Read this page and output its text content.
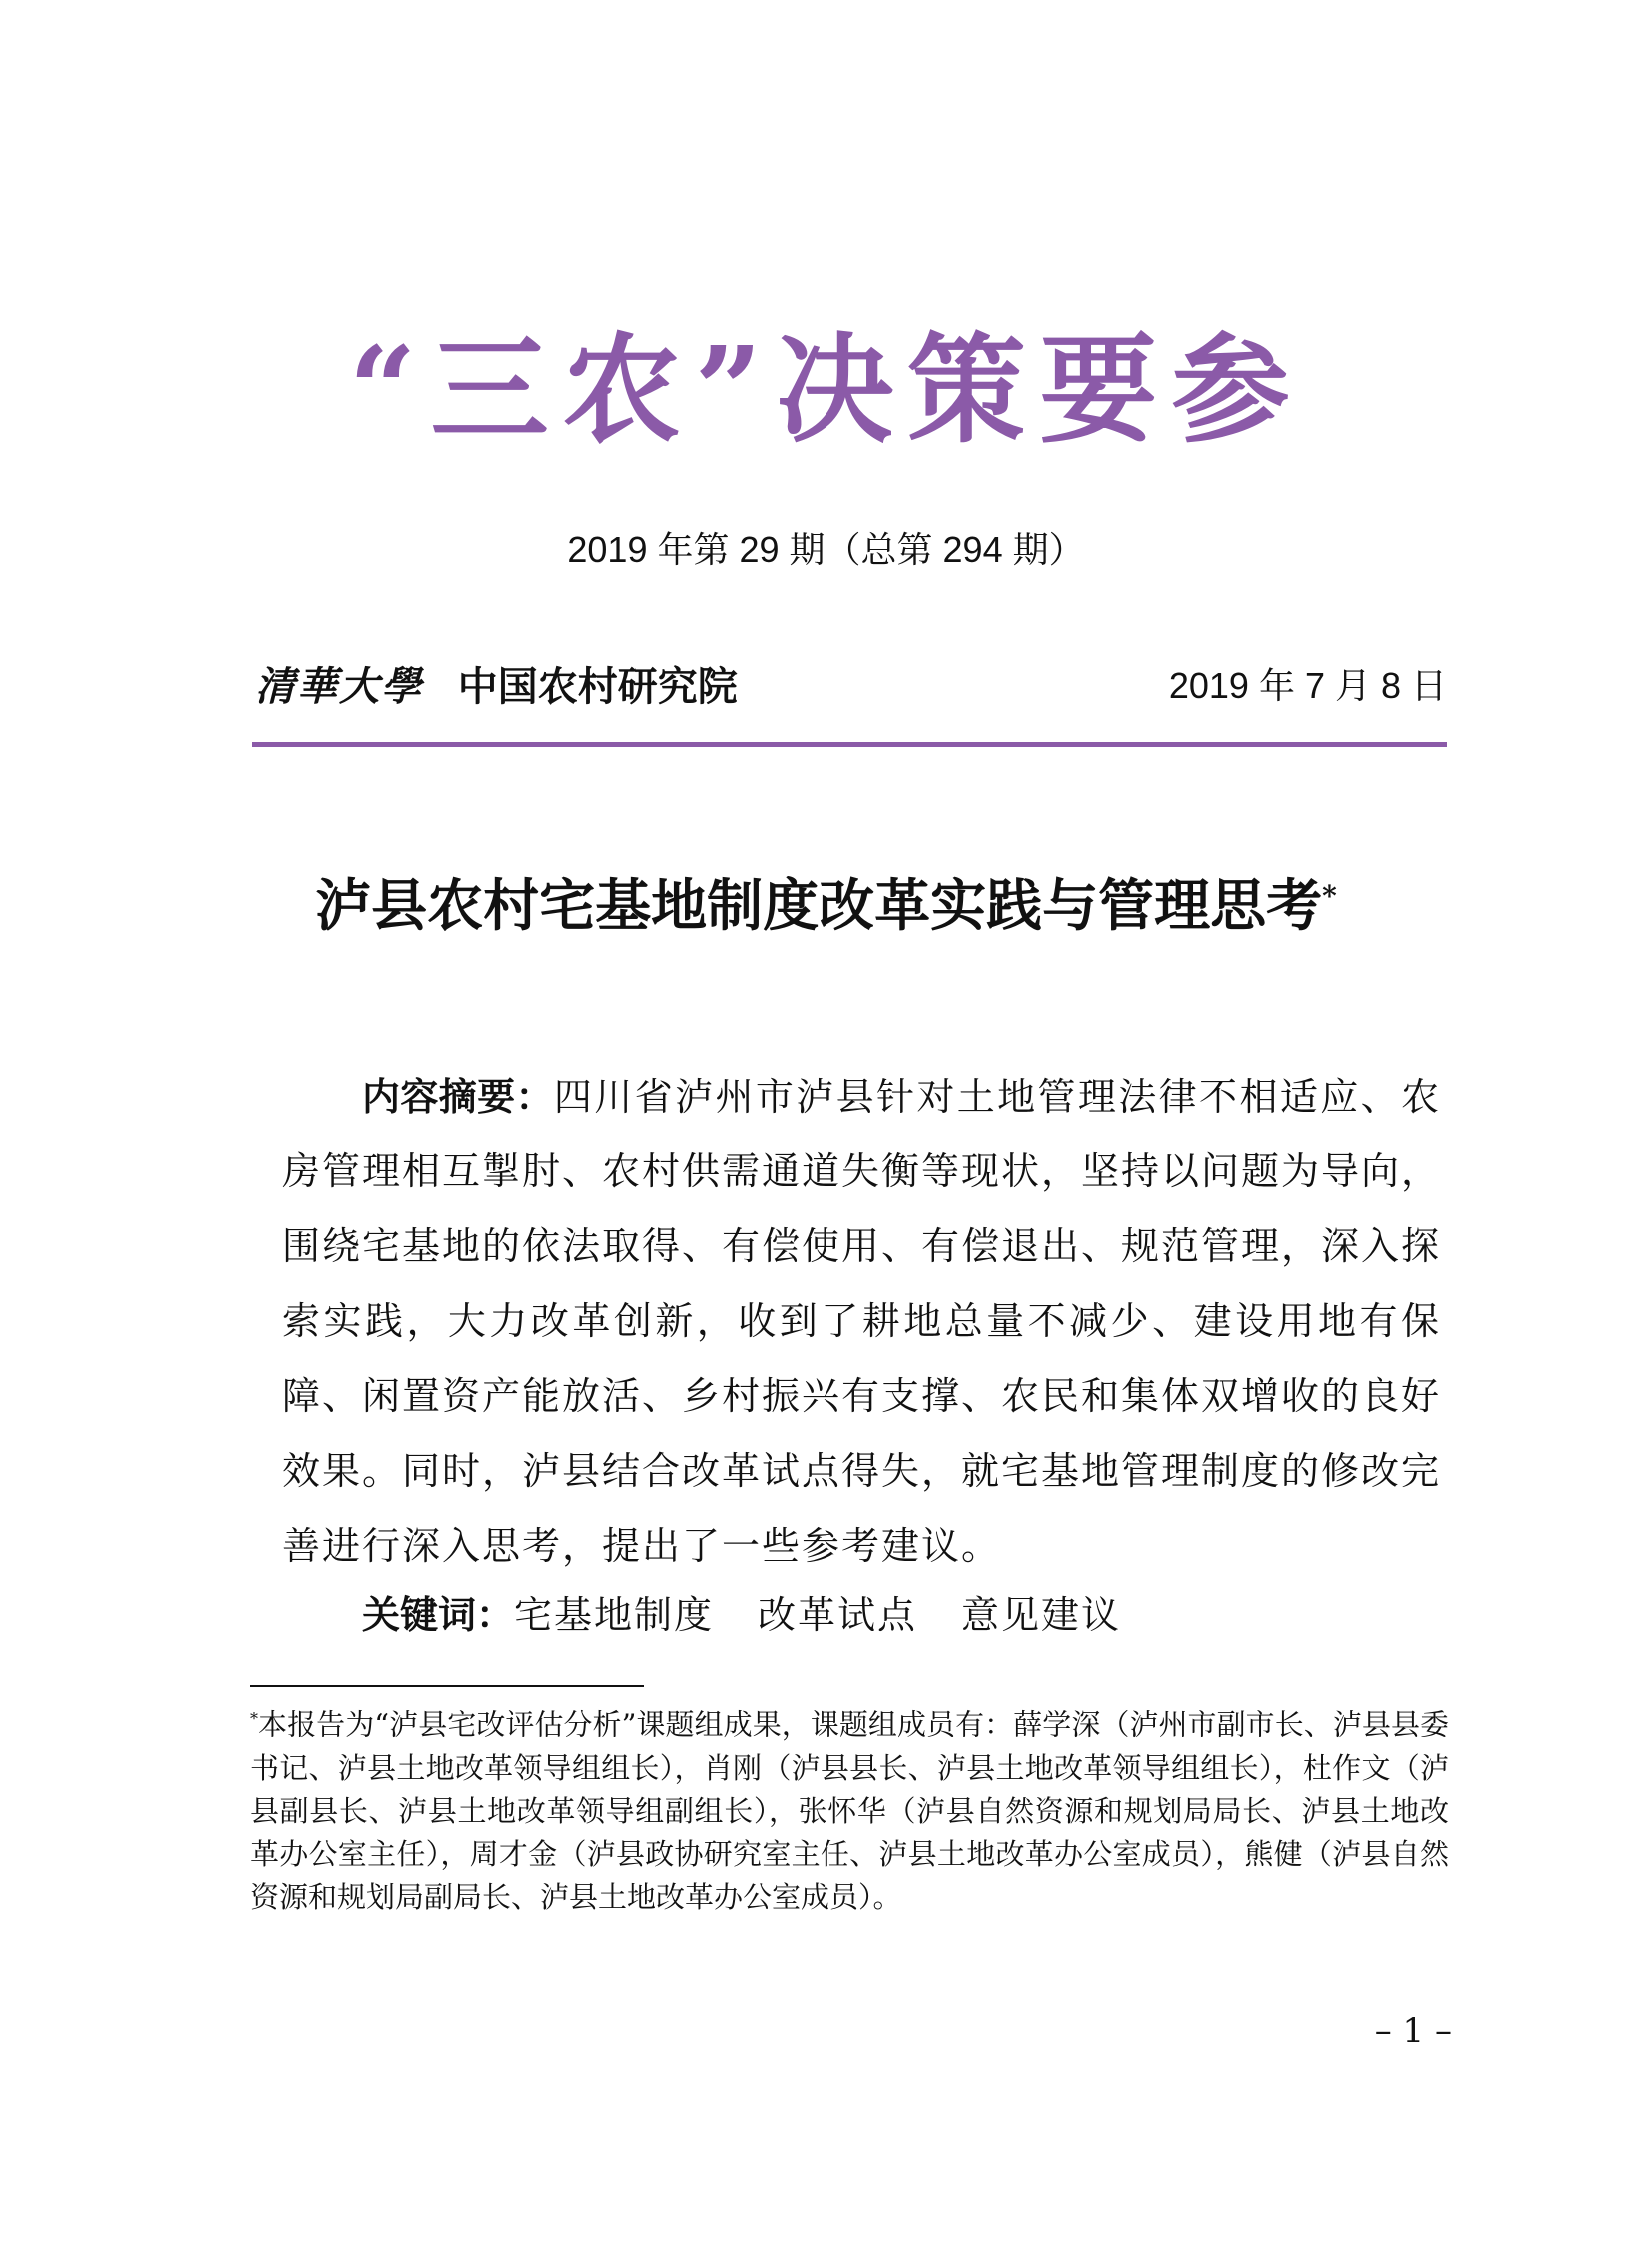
“三农”决策要参
2019 年第 29 期（总第 294 期）
清華大學 中国农村研究院	2019 年 7 月 8 日
泸县农村宅基地制度改革实践与管理思考*

内容摘要：四川省泸州市泸县针对土地管理法律不相适应、农房管理相互掣肘、农村供需通道失衡等现状，坚持以问题为导向，围绕宅基地的依法取得、有偿使用、有偿退出、规范管理，深入探索实践，大力改革创新，收到了耕地总量不减少、建设用地有保障、闲置资产能放活、乡村振兴有支撑、农民和集体双增收的良好效果。同时，泸县结合改革试点得失，就宅基地管理制度的修改完善进行深入思考，提出了一些参考建议。

关键词：宅基地制度 改革试点 意见建议

*本报告为“泸县宅改评估分析”课题组成果，课题组成员有：薛学深（泸州市副市长、泸县县委书记、泸县土地改革领导组组长），肖刚（泸县县长、泸县土地改革领导组组长），杜作文（泸县副县长、泸县土地改革领导组副组长），张怀华（泸县自然资源和规划局局长、泸县土地改革办公室主任），周才金（泸县政协研究室主任、泸县土地改革办公室成员），熊健（泸县自然资源和规划局副局长、泸县土地改革办公室成员）。

– 1 –
